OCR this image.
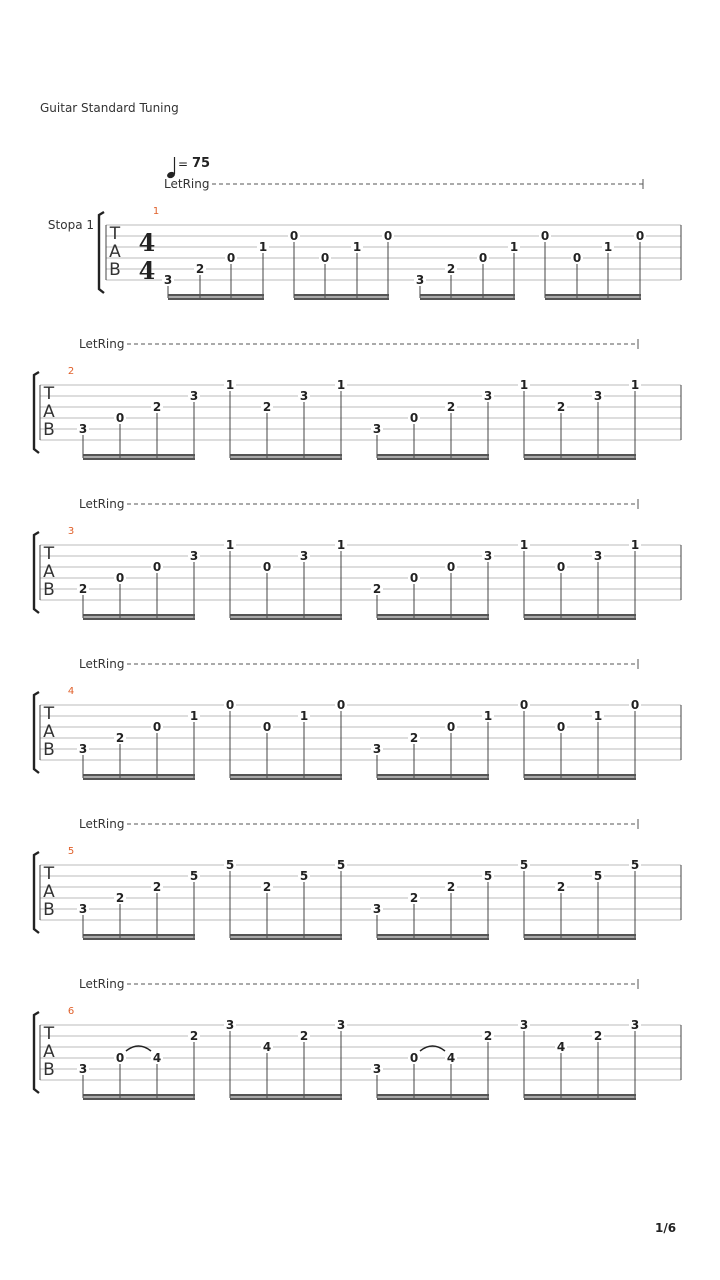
Guitar Standard Tuning
= 75
Stopa 1 T
A
B
4
4
1
LetRing
3
2
0
1
0
0
1
0
3
2
0
1
0
0
1
0
T
A
B
2
LetRing
3
0
2
3
1
2
3
1
3
0
2
3
1
2
3
1
T
A
B
3
LetRing
2
0
0
3
1
0
3
1
2
0
0
3
1
0
3
1
T
A
B
4
LetRing
3
2
0
1
0
0
1
0
3
2
0
1
0
0
1
0
T
A
B
5
LetRing
3
2
2
5
5
2
5
5
3
2
2
5
5
2
5
5
T
A
B
6
LetRing
3
0 4
2
3
4
2
3
3
0 4
2
3
4
2
3
1/6
